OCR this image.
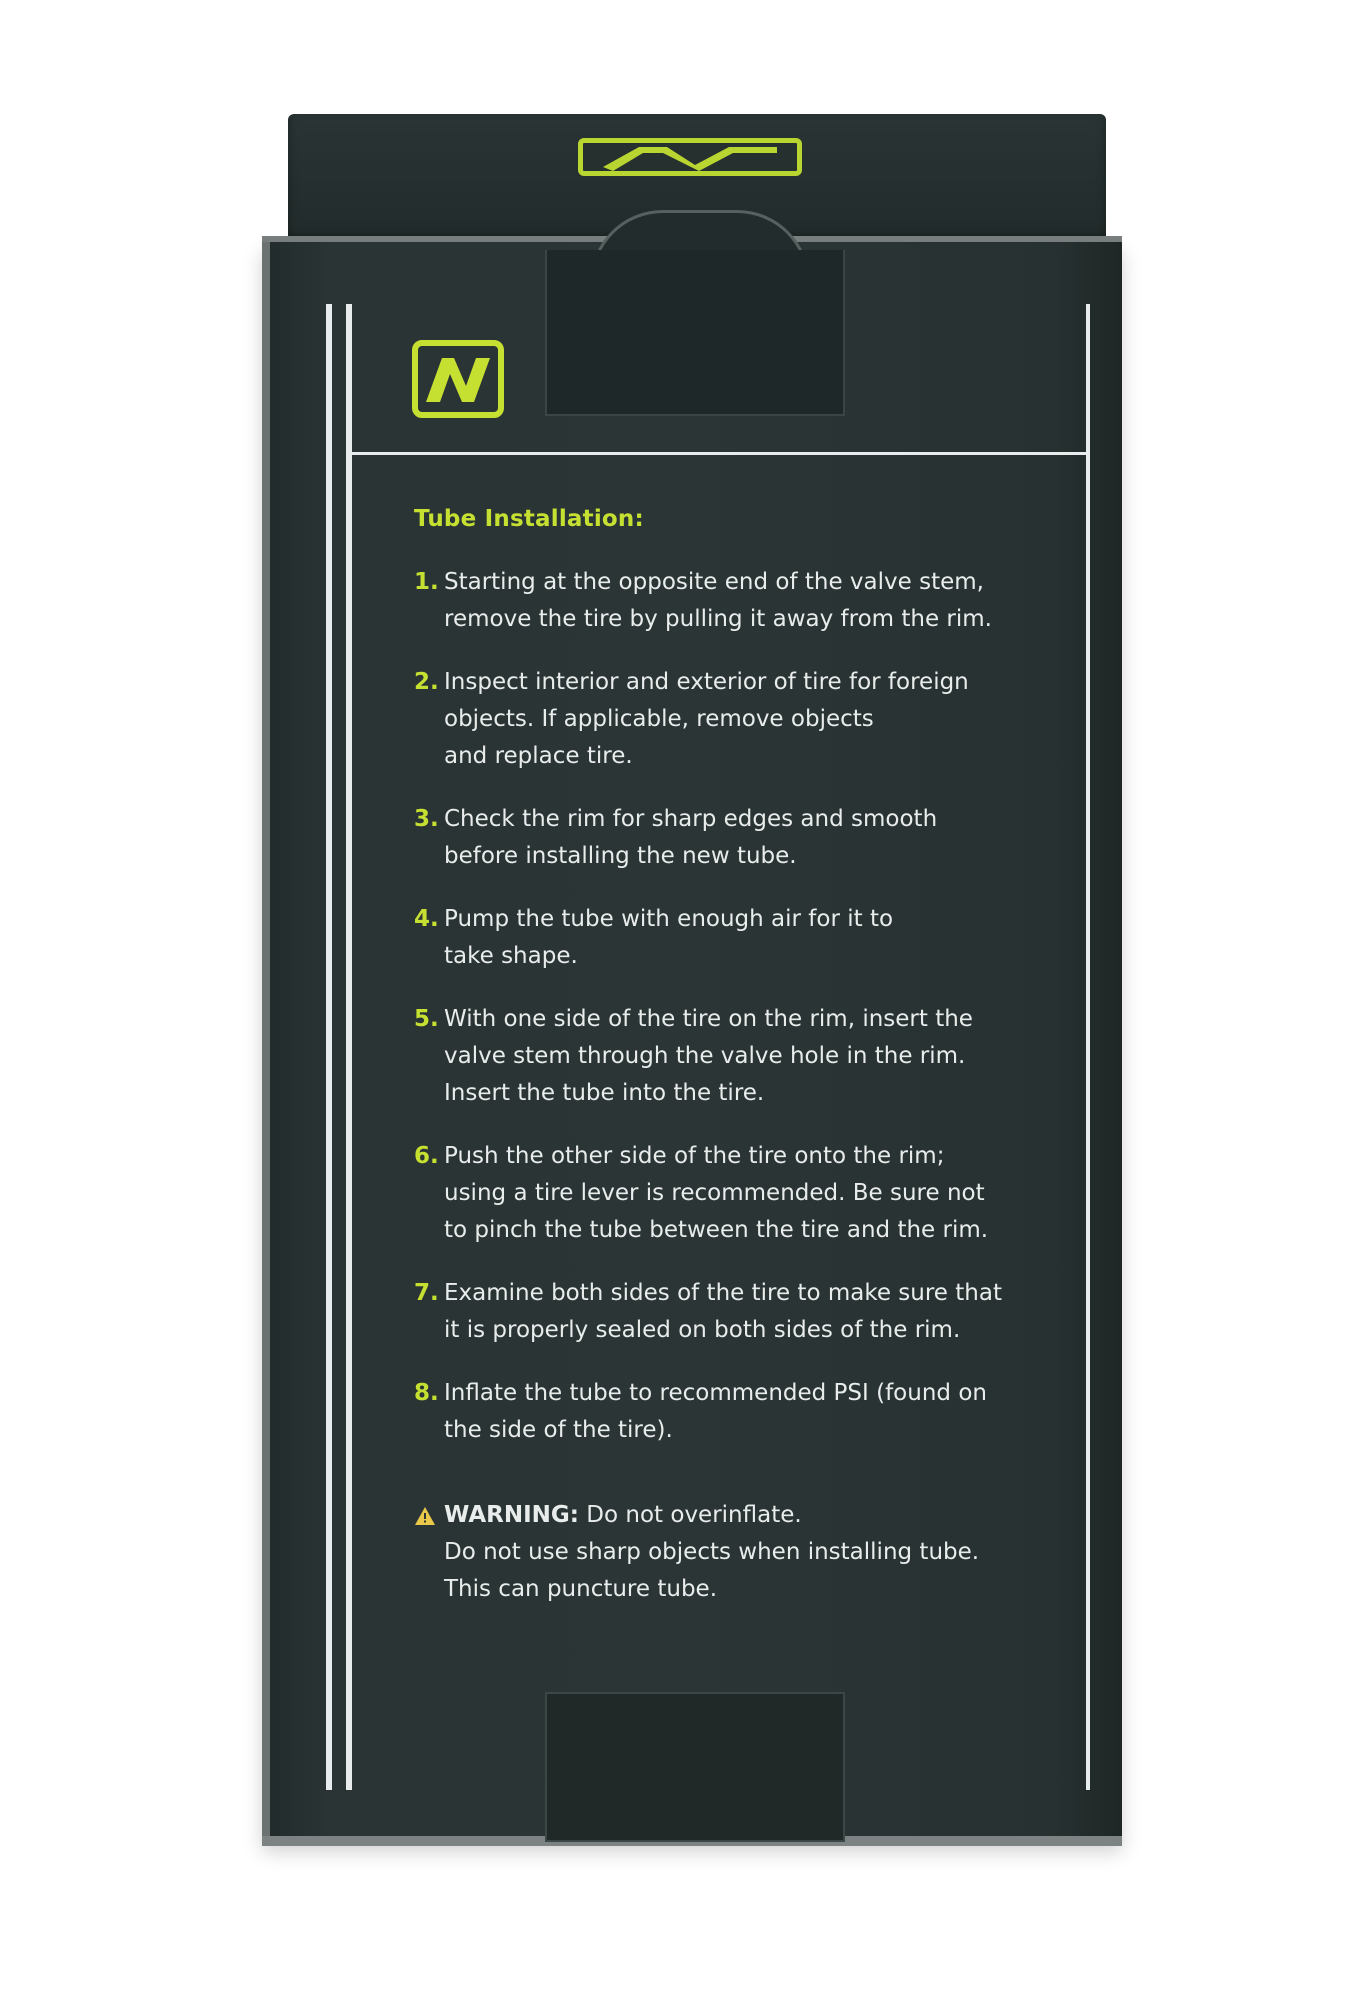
Tube Installation:
1. Starting at the opposite end of the valve stem,
remove the tire by pulling it away from the rim.
2. Inspect interior and exterior of tire for foreign
objects. If applicable, remove objects
and replace tire.
3. Check the rim for sharp edges and smooth
before installing the new tube.
4. Pump the tube with enough air for it to
take shape.
5. With one side of the tire on the rim, insert the
valve stem through the valve hole in the rim.
Insert the tube into the tire.
6. Push the other side of the tire onto the rim;
using a tire lever is recommended. Be sure not
to pinch the tube between the tire and the rim.
7. Examine both sides of the tire to make sure that
it is properly sealed on both sides of the rim.
8. Inflate the tube to recommended PSI (found on
the side of the tire).
WARNING: Do not overinflate.
Do not use sharp objects when installing tube.
This can puncture tube.
